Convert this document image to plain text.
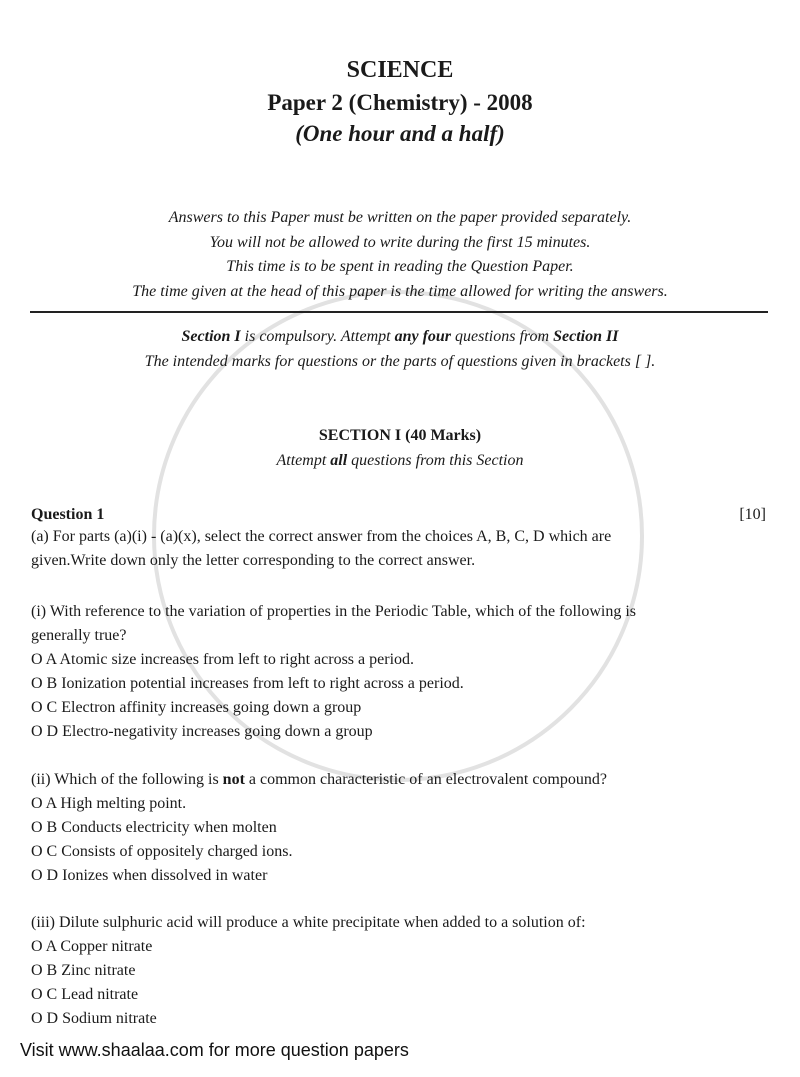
SCIENCE
Paper 2 (Chemistry) - 2008
(One hour and a half)
Answers to this Paper must be written on the paper provided separately.
You will not be allowed to write during the first 15 minutes.
This time is to be spent in reading the Question Paper.
The time given at the head of this paper is the time allowed for writing the answers.
Section I is compulsory. Attempt any four questions from Section II
The intended marks for questions or the parts of questions given in brackets [ ].
SECTION I (40 Marks)
Attempt all questions from this Section
Question 1	[10]
(a) For parts (a)(i) - (a)(x), select the correct answer from the choices A, B, C, D which are
given.Write down only the letter corresponding to the correct answer.
(i) With reference to the variation of properties in the Periodic Table, which of the following is
generally true?
O A Atomic size increases from left to right across a period.
O B Ionization potential increases from left to right across a period.
O C Electron affinity increases going down a group
O D Electro-negativity increases going down a group
(ii) Which of the following is not a common characteristic of an electrovalent compound?
O A High melting point.
O B Conducts electricity when molten
O C Consists of oppositely charged ions.
O D Ionizes when dissolved in water
(iii) Dilute sulphuric acid will produce a white precipitate when added to a solution of:
O A Copper nitrate
O B Zinc nitrate
O C Lead nitrate
O D Sodium nitrate
Visit www.shaalaa.com for more question papers
